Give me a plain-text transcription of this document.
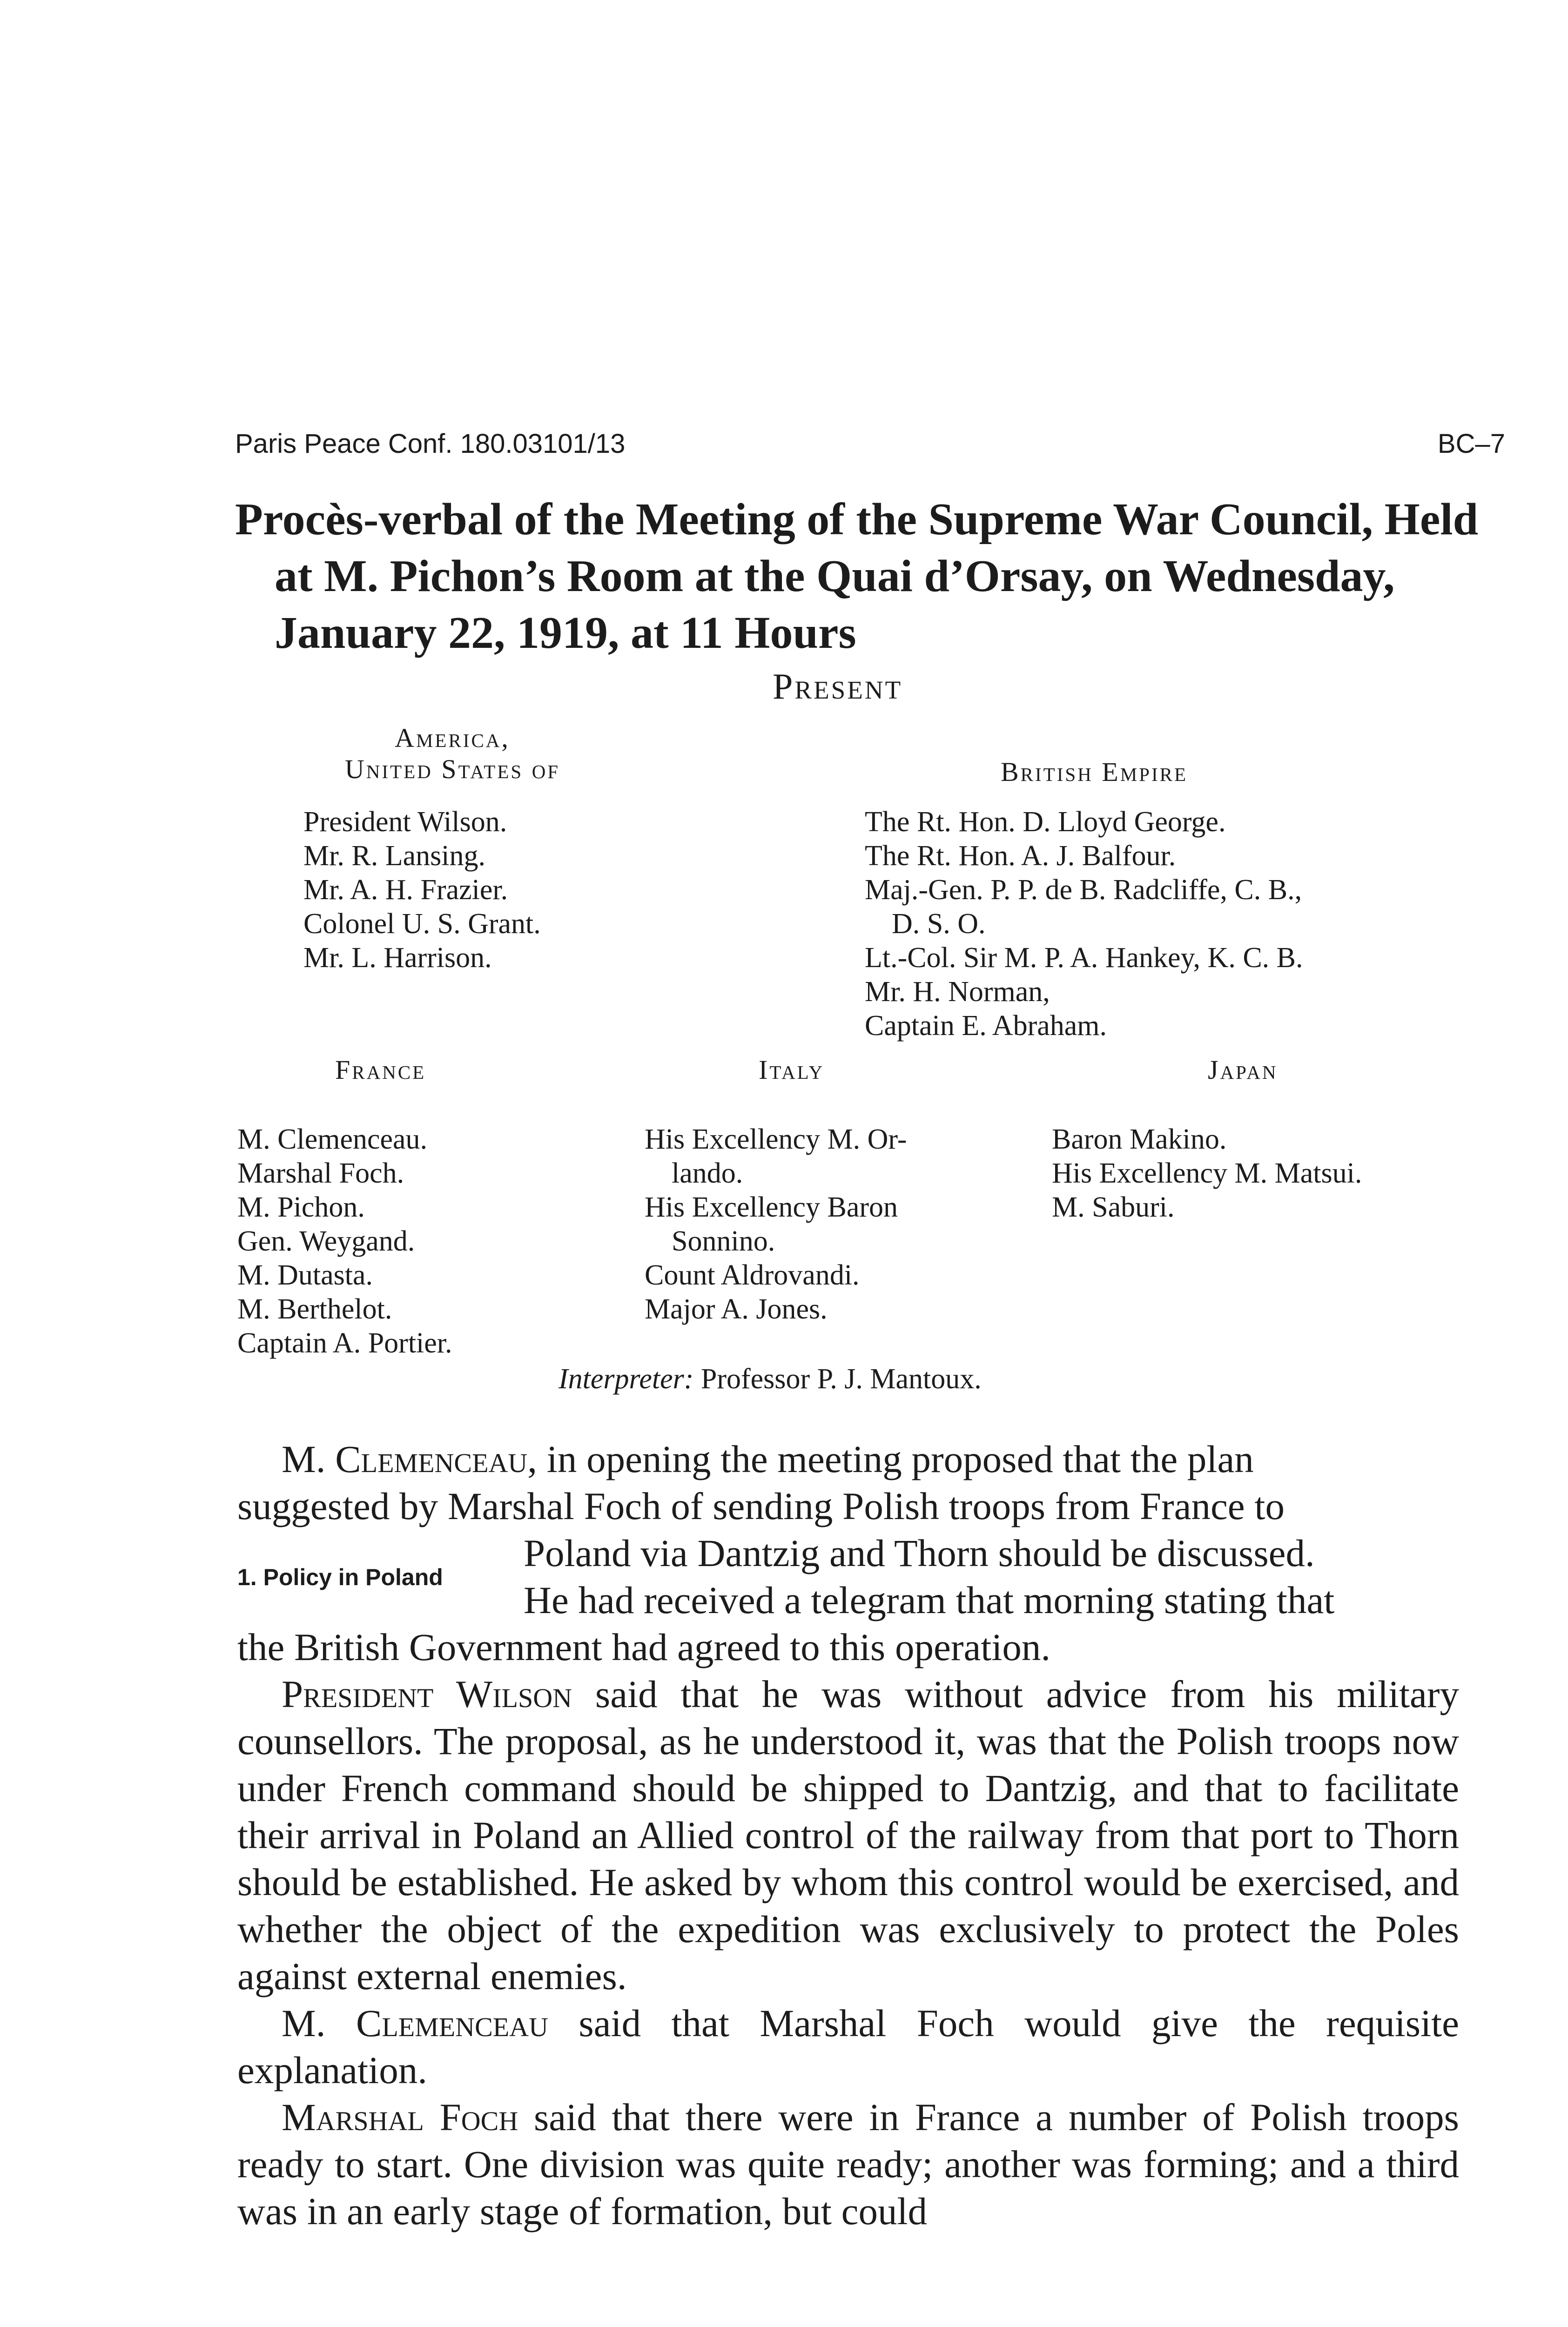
Paris Peace Conf. 180.03101/13	BC–7
Procès-verbal of the Meeting of the Supreme War Council, Held
at M. Pichon’s Room at the Quai d’Orsay, on Wednesday,
January 22, 1919, at 11 Hours
Present
America,
United States of
President Wilson.
Mr. R. Lansing.
Mr. A. H. Frazier.
Colonel U. S. Grant.
Mr. L. Harrison.
British Empire
The Rt. Hon. D. Lloyd George.
The Rt. Hon. A. J. Balfour.
Maj.-Gen. P. P. de B. Radcliffe, C. B.,
D. S. O.
Lt.-Col. Sir M. P. A. Hankey, K. C. B.
Mr. H. Norman,
Captain E. Abraham.
France
M. Clemenceau.
Marshal Foch.
M. Pichon.
Gen. Weygand.
M. Dutasta.
M. Berthelot.
Captain A. Portier.
Italy
His Excellency M. Or-
lando.
His Excellency Baron
Sonnino.
Count Aldrovandi.
Major A. Jones.
Japan
Baron Makino.
His Excellency M. Matsui.
M. Saburi.
Interpreter: Professor P. J. Mantoux.
1. Policy in Poland
M. Clemenceau, in opening the meeting proposed that the plan
suggested by Marshal Foch of sending Polish troops from France to
Poland via Dantzig and Thorn should be discussed.
He had received a telegram that morning stating that
the British Government had agreed to this operation.

President Wilson said that he was without advice from his military counsellors. The proposal, as he understood it, was that the Polish troops now under French command should be shipped to Dantzig, and that to facilitate their arrival in Poland an Allied control of the railway from that port to Thorn should be established. He asked by whom this control would be exercised, and whether the object of the expedition was exclusively to protect the Poles against external enemies.

M. Clemenceau said that Marshal Foch would give the requisite explanation.

Marshal Foch said that there were in France a number of Polish troops ready to start. One division was quite ready; another was forming; and a third was in an early stage of formation, but could
